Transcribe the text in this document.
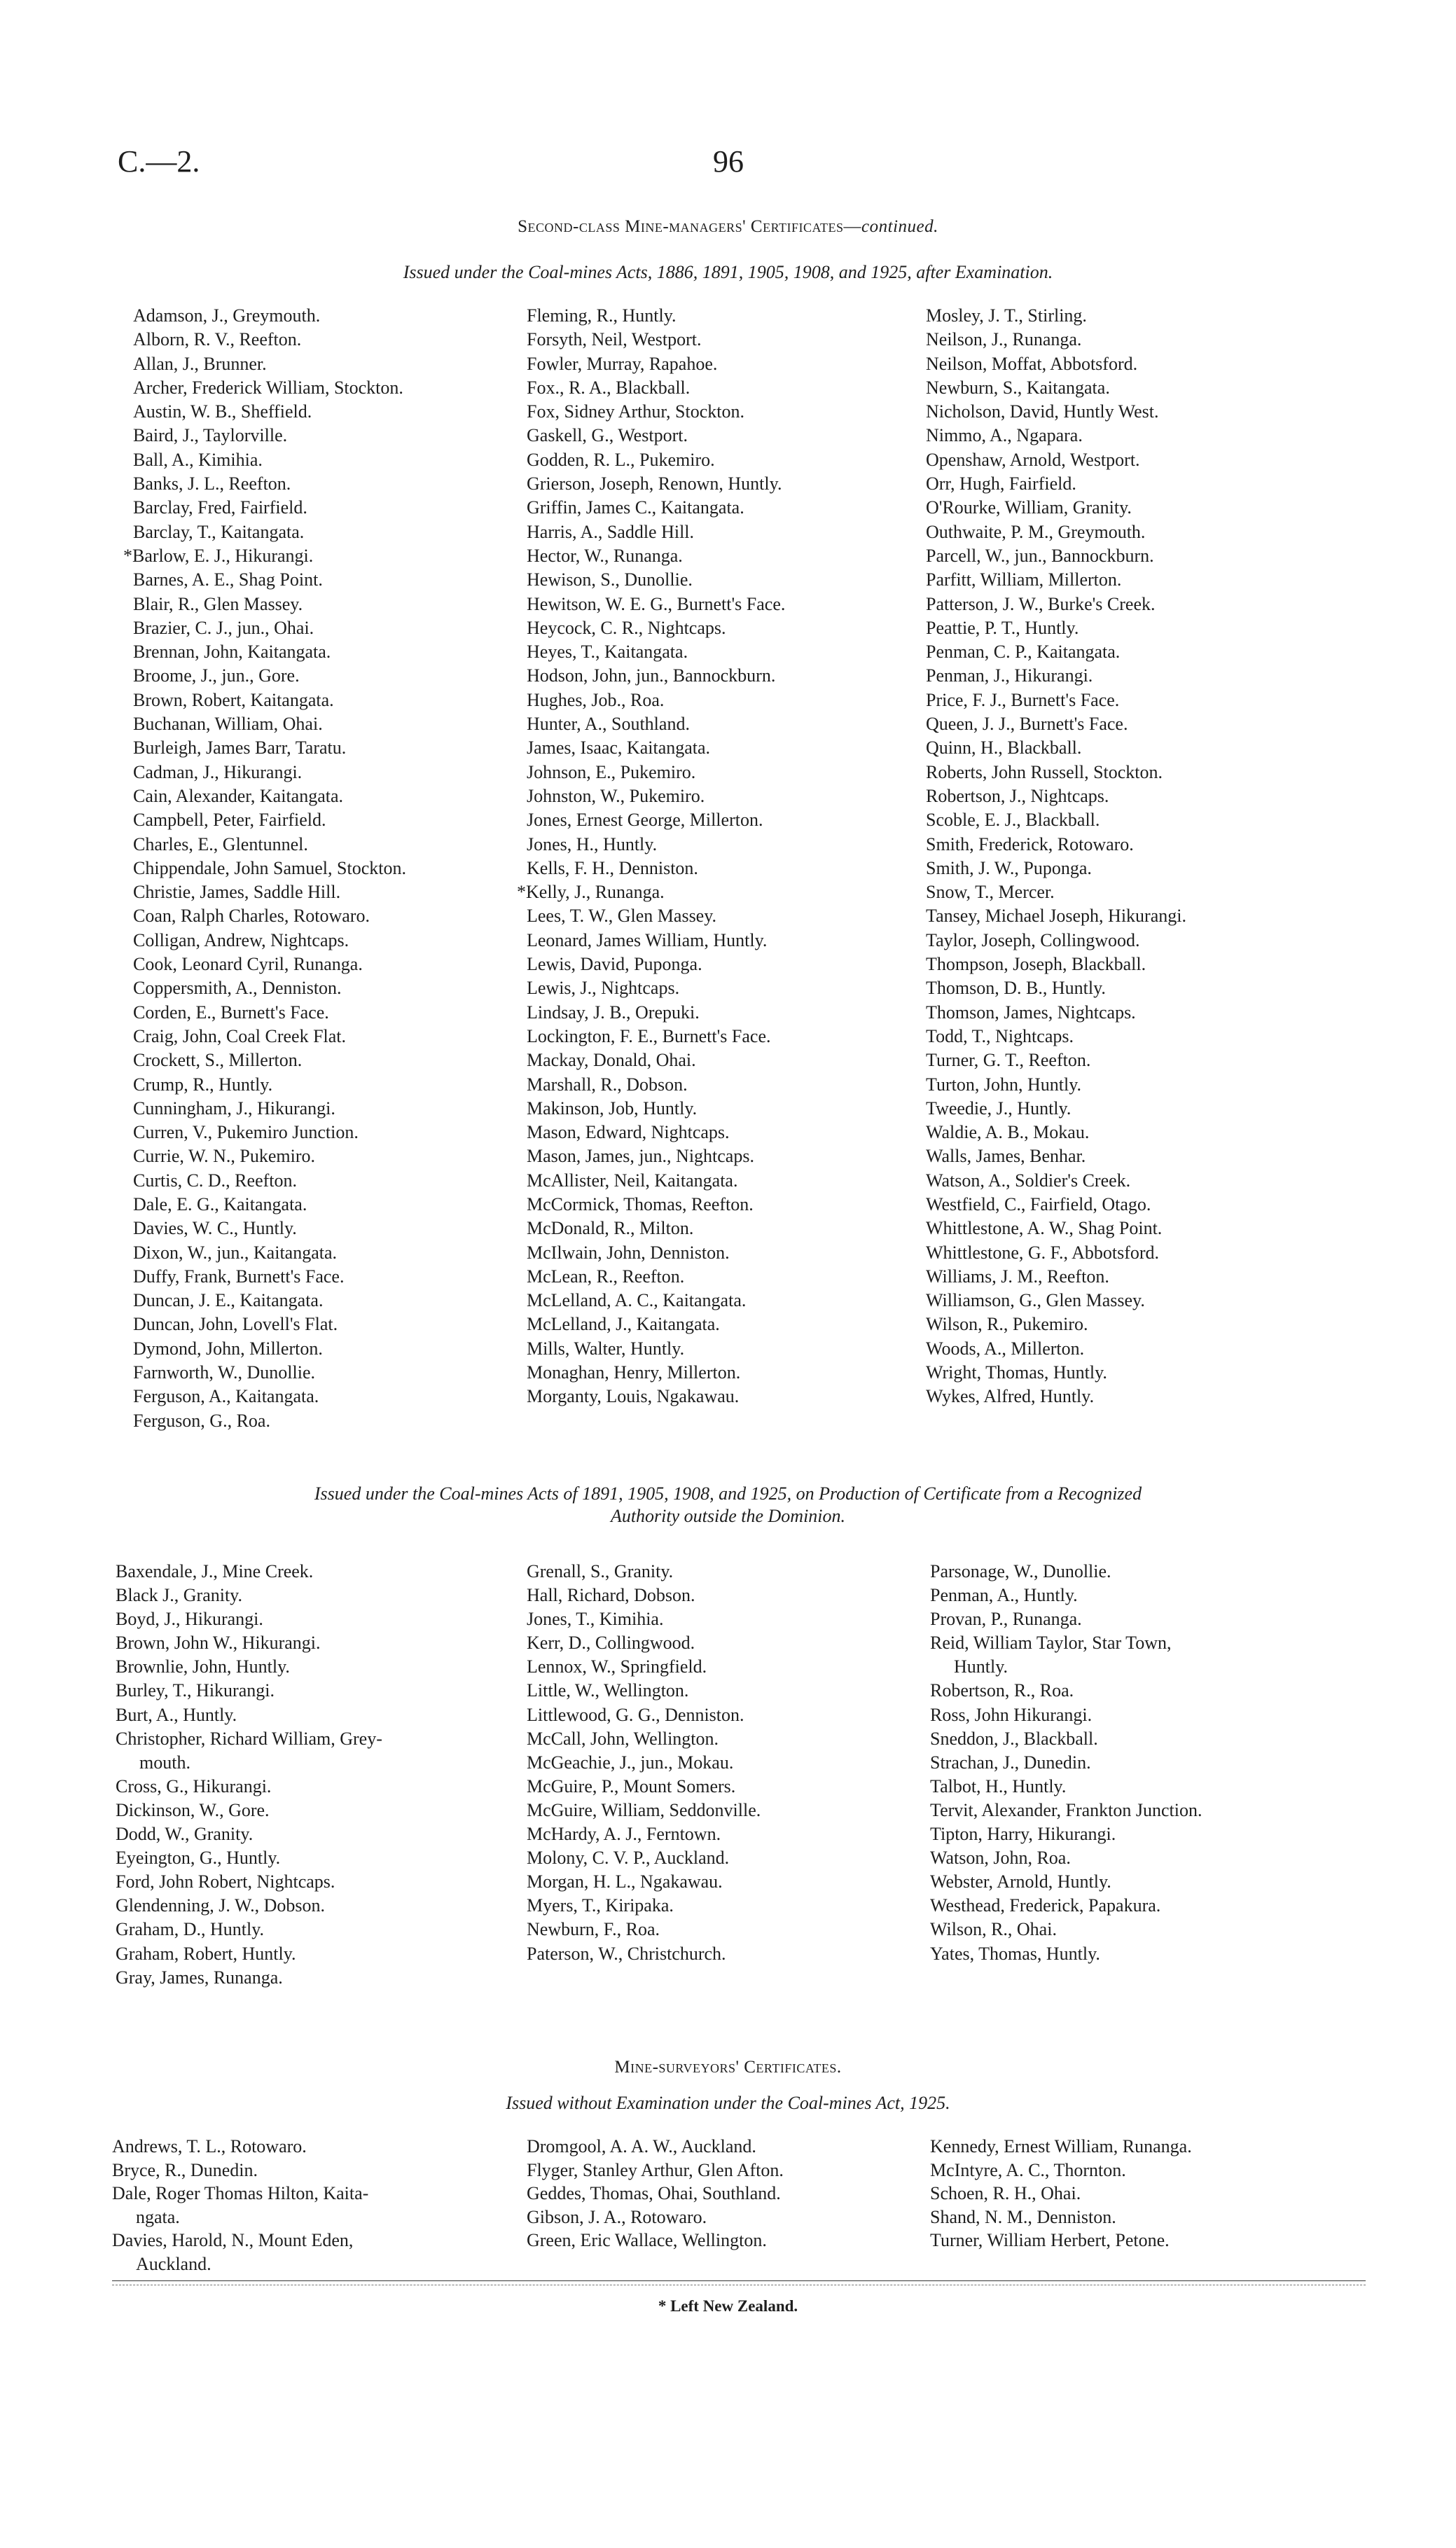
C.—2.	96
Second-class Mine-managers' Certificates—continued.
Issued under the Coal-mines Acts, 1886, 1891, 1905, 1908, and 1925, after Examination.
Adamson, J., Greymouth.
Alborn, R. V., Reefton.
Allan, J., Brunner.
Archer, Frederick William, Stockton.
Austin, W. B., Sheffield.
Baird, J., Taylorville.
Ball, A., Kimihia.
Banks, J. L., Reefton.
Barclay, Fred, Fairfield.
Barclay, T., Kaitangata.
*Barlow, E. J., Hikurangi.
Barnes, A. E., Shag Point.
Blair, R., Glen Massey.
Brazier, C. J., jun., Ohai.
Brennan, John, Kaitangata.
Broome, J., jun., Gore.
Brown, Robert, Kaitangata.
Buchanan, William, Ohai.
Burleigh, James Barr, Taratu.
Cadman, J., Hikurangi.
Cain, Alexander, Kaitangata.
Campbell, Peter, Fairfield.
Charles, E., Glentunnel.
Chippendale, John Samuel, Stockton.
Christie, James, Saddle Hill.
Coan, Ralph Charles, Rotowaro.
Colligan, Andrew, Nightcaps.
Cook, Leonard Cyril, Runanga.
Coppersmith, A., Denniston.
Corden, E., Burnett's Face.
Craig, John, Coal Creek Flat.
Crockett, S., Millerton.
Crump, R., Huntly.
Cunningham, J., Hikurangi.
Curren, V., Pukemiro Junction.
Currie, W. N., Pukemiro.
Curtis, C. D., Reefton.
Dale, E. G., Kaitangata.
Davies, W. C., Huntly.
Dixon, W., jun., Kaitangata.
Duffy, Frank, Burnett's Face.
Duncan, J. E., Kaitangata.
Duncan, John, Lovell's Flat.
Dymond, John, Millerton.
Farnworth, W., Dunollie.
Ferguson, A., Kaitangata.
Ferguson, G., Roa.
Fleming, R., Huntly.
Forsyth, Neil, Westport.
Fowler, Murray, Rapahoe.
Fox., R. A., Blackball.
Fox, Sidney Arthur, Stockton.
Gaskell, G., Westport.
Godden, R. L., Pukemiro.
Grierson, Joseph, Renown, Huntly.
Griffin, James C., Kaitangata.
Harris, A., Saddle Hill.
Hector, W., Runanga.
Hewison, S., Dunollie.
Hewitson, W. E. G., Burnett's Face.
Heycock, C. R., Nightcaps.
Heyes, T., Kaitangata.
Hodson, John, jun., Bannockburn.
Hughes, Job., Roa.
Hunter, A., Southland.
James, Isaac, Kaitangata.
Johnson, E., Pukemiro.
Johnston, W., Pukemiro.
Jones, Ernest George, Millerton.
Jones, H., Huntly.
Kells, F. H., Denniston.
*Kelly, J., Runanga.
Lees, T. W., Glen Massey.
Leonard, James William, Huntly.
Lewis, David, Puponga.
Lewis, J., Nightcaps.
Lindsay, J. B., Orepuki.
Lockington, F. E., Burnett's Face.
Mackay, Donald, Ohai.
Marshall, R., Dobson.
Makinson, Job, Huntly.
Mason, Edward, Nightcaps.
Mason, James, jun., Nightcaps.
McAllister, Neil, Kaitangata.
McCormick, Thomas, Reefton.
McDonald, R., Milton.
McIlwain, John, Denniston.
McLean, R., Reefton.
McLelland, A. C., Kaitangata.
McLelland, J., Kaitangata.
Mills, Walter, Huntly.
Monaghan, Henry, Millerton.
Morganty, Louis, Ngakawau.
Mosley, J. T., Stirling.
Neilson, J., Runanga.
Neilson, Moffat, Abbotsford.
Newburn, S., Kaitangata.
Nicholson, David, Huntly West.
Nimmo, A., Ngapara.
Openshaw, Arnold, Westport.
Orr, Hugh, Fairfield.
O'Rourke, William, Granity.
Outhwaite, P. M., Greymouth.
Parcell, W., jun., Bannockburn.
Parfitt, William, Millerton.
Patterson, J. W., Burke's Creek.
Peattie, P. T., Huntly.
Penman, C. P., Kaitangata.
Penman, J., Hikurangi.
Price, F. J., Burnett's Face.
Queen, J. J., Burnett's Face.
Quinn, H., Blackball.
Roberts, John Russell, Stockton.
Robertson, J., Nightcaps.
Scoble, E. J., Blackball.
Smith, Frederick, Rotowaro.
Smith, J. W., Puponga.
Snow, T., Mercer.
Tansey, Michael Joseph, Hikurangi.
Taylor, Joseph, Collingwood.
Thompson, Joseph, Blackball.
Thomson, D. B., Huntly.
Thomson, James, Nightcaps.
Todd, T., Nightcaps.
Turner, G. T., Reefton.
Turton, John, Huntly.
Tweedie, J., Huntly.
Waldie, A. B., Mokau.
Walls, James, Benhar.
Watson, A., Soldier's Creek.
Westfield, C., Fairfield, Otago.
Whittlestone, A. W., Shag Point.
Whittlestone, G. F., Abbotsford.
Williams, J. M., Reefton.
Williamson, G., Glen Massey.
Wilson, R., Pukemiro.
Woods, A., Millerton.
Wright, Thomas, Huntly.
Wykes, Alfred, Huntly.
Issued under the Coal-mines Acts of 1891, 1905, 1908, and 1925, on Production of Certificate from a Recognized
Authority outside the Dominion.
Baxendale, J., Mine Creek.
Black J., Granity.
Boyd, J., Hikurangi.
Brown, John W., Hikurangi.
Brownlie, John, Huntly.
Burley, T., Hikurangi.
Burt, A., Huntly.
Christopher, Richard William, Grey-
mouth.
Cross, G., Hikurangi.
Dickinson, W., Gore.
Dodd, W., Granity.
Eyeington, G., Huntly.
Ford, John Robert, Nightcaps.
Glendenning, J. W., Dobson.
Graham, D., Huntly.
Graham, Robert, Huntly.
Gray, James, Runanga.
Grenall, S., Granity.
Hall, Richard, Dobson.
Jones, T., Kimihia.
Kerr, D., Collingwood.
Lennox, W., Springfield.
Little, W., Wellington.
Littlewood, G. G., Denniston.
McCall, John, Wellington.
McGeachie, J., jun., Mokau.
McGuire, P., Mount Somers.
McGuire, William, Seddonville.
McHardy, A. J., Ferntown.
Molony, C. V. P., Auckland.
Morgan, H. L., Ngakawau.
Myers, T., Kiripaka.
Newburn, F., Roa.
Paterson, W., Christchurch.
Parsonage, W., Dunollie.
Penman, A., Huntly.
Provan, P., Runanga.
Reid, William Taylor, Star Town,
Huntly.
Robertson, R., Roa.
Ross, John Hikurangi.
Sneddon, J., Blackball.
Strachan, J., Dunedin.
Talbot, H., Huntly.
Tervit, Alexander, Frankton Junction.
Tipton, Harry, Hikurangi.
Watson, John, Roa.
Webster, Arnold, Huntly.
Westhead, Frederick, Papakura.
Wilson, R., Ohai.
Yates, Thomas, Huntly.
Mine-surveyors' Certificates.
Issued without Examination under the Coal-mines Act, 1925.
Andrews, T. L., Rotowaro.
Bryce, R., Dunedin.
Dale, Roger Thomas Hilton, Kaita-
ngata.
Davies, Harold, N., Mount Eden,
Auckland.
Dromgool, A. A. W., Auckland.
Flyger, Stanley Arthur, Glen Afton.
Geddes, Thomas, Ohai, Southland.
Gibson, J. A., Rotowaro.
Green, Eric Wallace, Wellington.
Kennedy, Ernest William, Runanga.
McIntyre, A. C., Thornton.
Schoen, R. H., Ohai.
Shand, N. M., Denniston.
Turner, William Herbert, Petone.
* Left New Zealand.
